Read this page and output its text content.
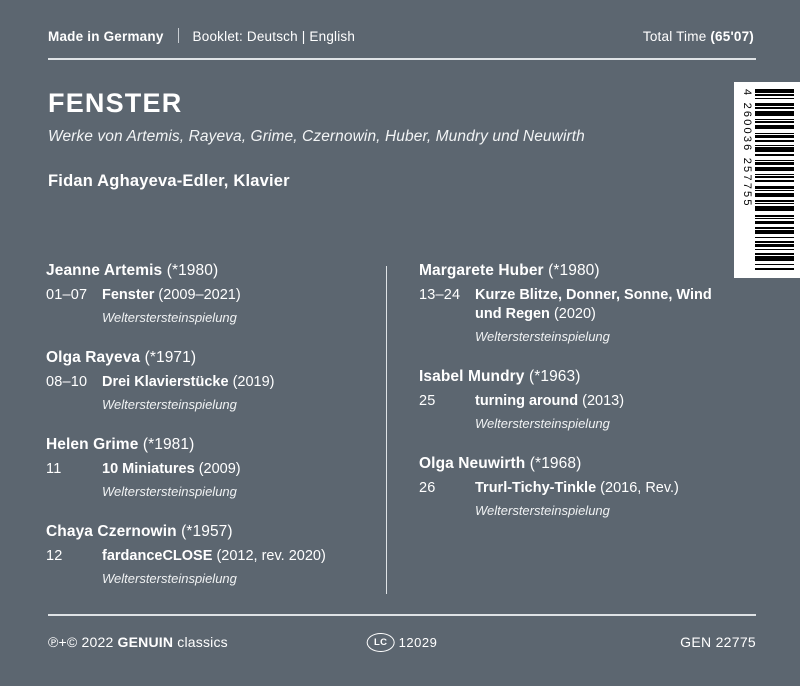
Made in Germany Booklet: Deutsch | English	Total Time (65'07)
FENSTER
Werke von Artemis, Rayeva, Grime, Czernowin, Huber, Mundry und Neuwirth
Fidan Aghayeva-Edler, Klavier	4 260036 257755
Jeanne Artemis (*1980)
01–07	Fenster (2009–2021)
Welterstersteinspielung
Olga Rayeva (*1971)
08–10	Drei Klavierstücke (2019)
Welterstersteinspielung
Helen Grime (*1981)
11	10 Miniatures (2009)
Welterstersteinspielung
Chaya Czernowin (*1957)
12	fardanceCLOSE (2012, rev. 2020)
Welterstersteinspielung
Margarete Huber (*1980)
13–24	Kurze Blitze, Donner, Sonne, Wind und Regen (2020)
Welterstersteinspielung
Isabel Mundry (*1963)
25	turning around (2013)
Welterstersteinspielung
Olga Neuwirth (*1968)
26	Trurl-Tichy-Tinkle (2016, Rev.)
Welterstersteinspielung
℗+© 2022 GENUIN classics	LC 12029	GEN 22775
